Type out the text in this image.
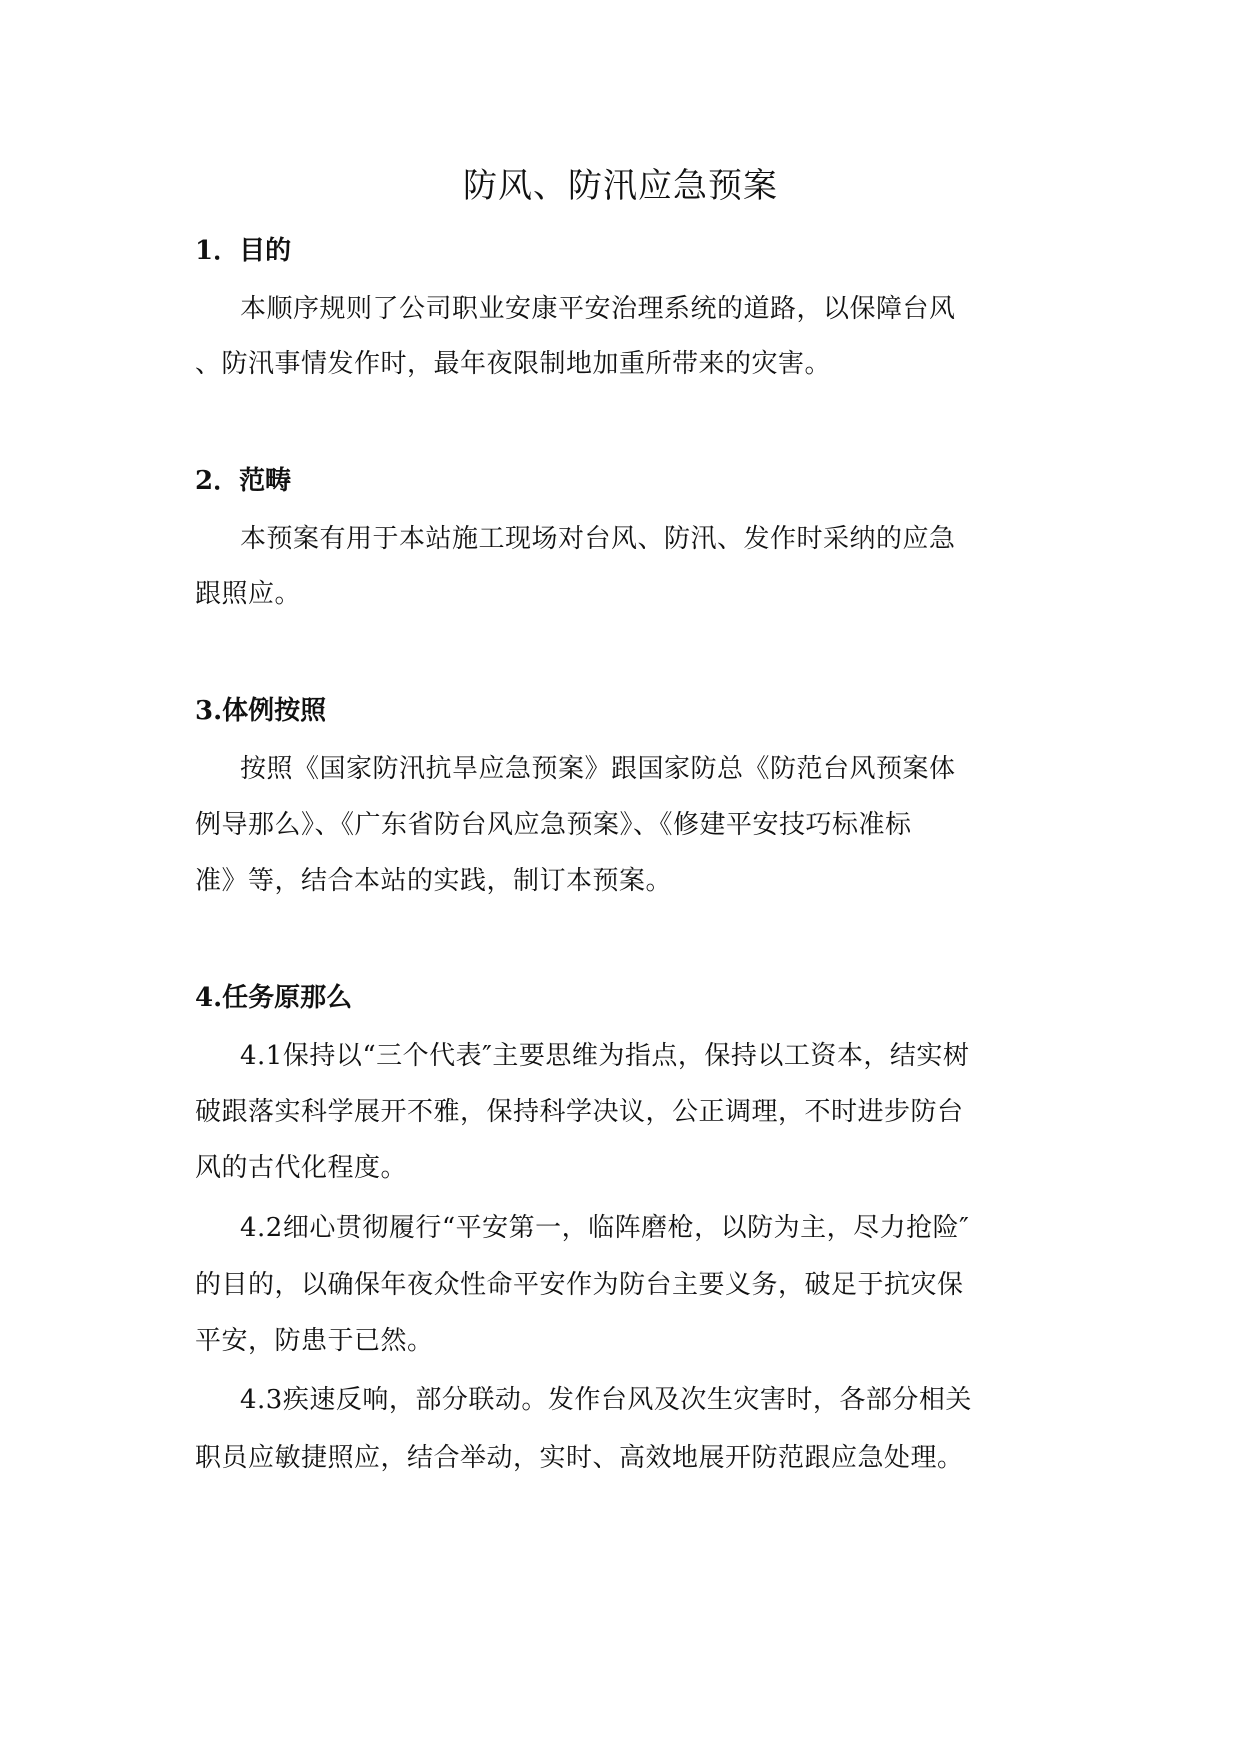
防风、防汛应急预案
1．目的
本顺序规则了公司职业安康平安治理系统的道路，以保障台风
、防汛事情发作时，最年夜限制地加重所带来的灾害。
2．范畴
本预案有用于本站施工现场对台风、防汛、发作时采纳的应急
跟照应。
3.体例按照
按照《国家防汛抗旱应急预案》跟国家防总《防范台风预案体
例导那么》、《广东省防台风应急预案》、《修建平安技巧标准标
准》等，结合本站的实践，制订本预案。
4.任务原那么
4.1保持以“三个代表″主要思维为指点，保持以工资本，结实树
破跟落实科学展开不雅，保持科学决议，公正调理，不时进步防台
风的古代化程度。
4.2细心贯彻履行“平安第一，临阵磨枪，以防为主，尽力抢险″
的目的，以确保年夜众性命平安作为防台主要义务，破足于抗灾保
平安，防患于已然。
4.3疾速反响，部分联动。发作台风及次生灾害时，各部分相关
职员应敏捷照应，结合举动，实时、高效地展开防范跟应急处理。
